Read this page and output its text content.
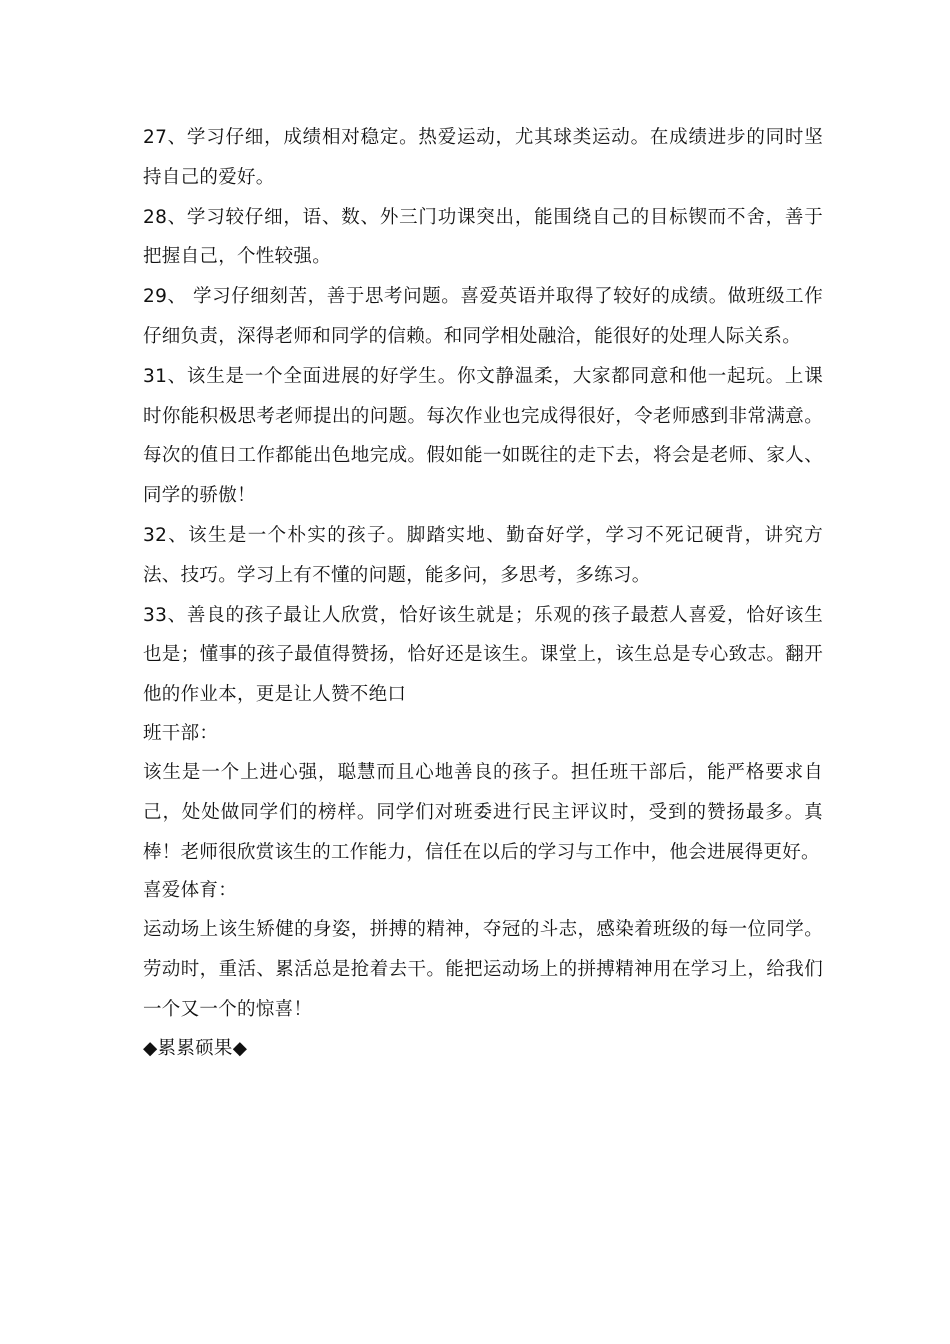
27、学习仔细，成绩相对稳定。热爱运动，尤其球类运动。在成绩进步的同时坚持自己的爱好。

28、学习较仔细，语、数、外三门功课突出，能围绕自己的目标锲而不舍，善于把握自己，个性较强。

29、 学习仔细刻苦，善于思考问题。喜爱英语并取得了较好的成绩。做班级工作仔细负责，深得老师和同学的信赖。和同学相处融洽，能很好的处理人际关系。

31、该生是一个全面进展的好学生。你文静温柔，大家都同意和他一起玩。上课时你能积极思考老师提出的问题。每次作业也完成得很好，令老师感到非常满意。每次的值日工作都能出色地完成。假如能一如既往的走下去，将会是老师、家人、同学的骄傲！

32、该生是一个朴实的孩子。脚踏实地、勤奋好学，学习不死记硬背，讲究方法、技巧。学习上有不懂的问题，能多问，多思考，多练习。

33、善良的孩子最让人欣赏，恰好该生就是；乐观的孩子最惹人喜爱，恰好该生也是；懂事的孩子最值得赞扬，恰好还是该生。课堂上，该生总是专心致志。翻开他的作业本，更是让人赞不绝口

班干部：

该生是一个上进心强，聪慧而且心地善良的孩子。担任班干部后，能严格要求自己，处处做同学们的榜样。同学们对班委进行民主评议时，受到的赞扬最多。真棒！老师很欣赏该生的工作能力，信任在以后的学习与工作中，他会进展得更好。

喜爱体育：

运动场上该生矫健的身姿，拼搏的精神，夺冠的斗志，感染着班级的每一位同学。劳动时，重活、累活总是抢着去干。能把运动场上的拼搏精神用在学习上，给我们一个又一个的惊喜！

◆累累硕果◆
